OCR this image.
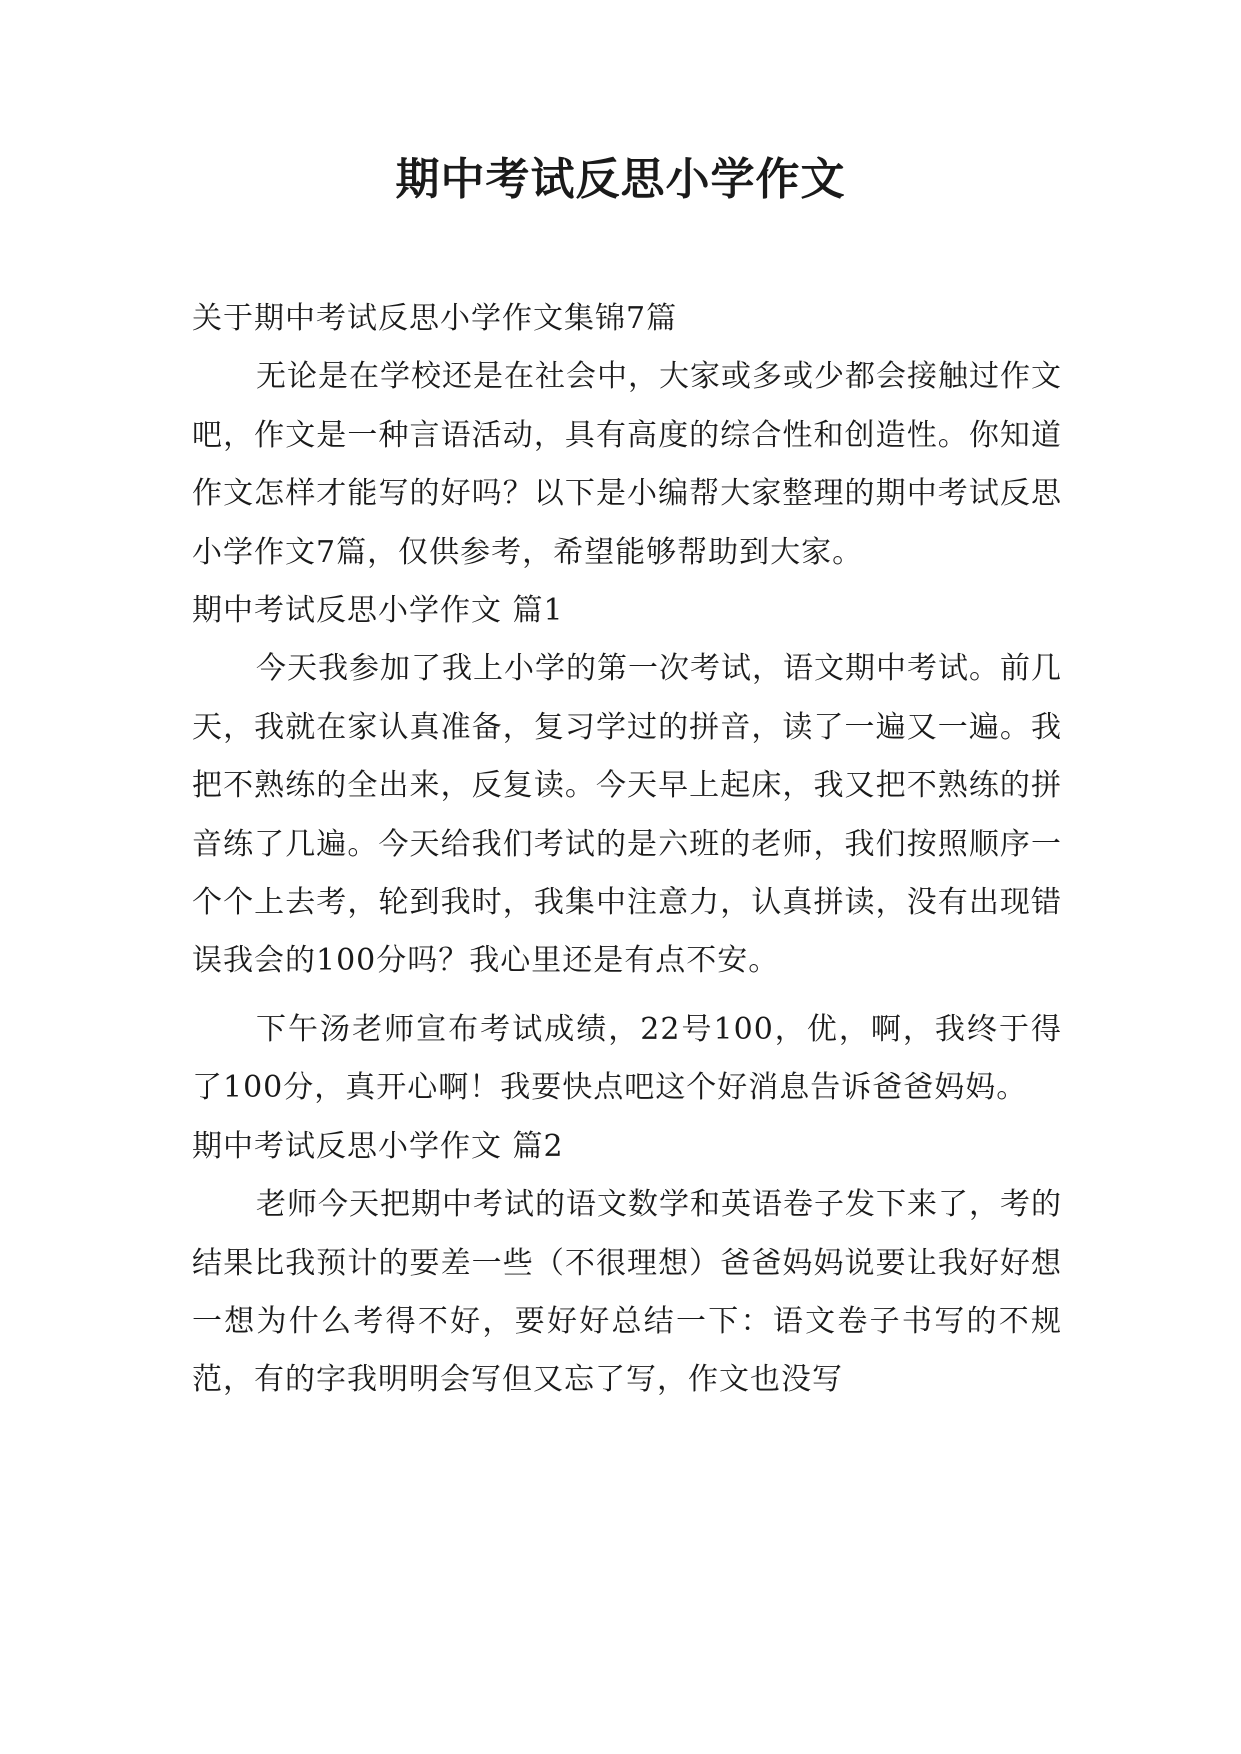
期中考试反思小学作文

关于期中考试反思小学作文集锦7篇

无论是在学校还是在社会中，大家或多或少都会接触过作文吧，作文是一种言语活动，具有高度的综合性和创造性。你知道作文怎样才能写的好吗？以下是小编帮大家整理的期中考试反思小学作文7篇，仅供参考，希望能够帮助到大家。

期中考试反思小学作文 篇1

今天我参加了我上小学的第一次考试，语文期中考试。前几天，我就在家认真准备，复习学过的拼音，读了一遍又一遍。我把不熟练的全出来，反复读。今天早上起床，我又把不熟练的拼音练了几遍。今天给我们考试的是六班的老师，我们按照顺序一个个上去考，轮到我时，我集中注意力，认真拼读，没有出现错误我会的100分吗？我心里还是有点不安。

下午汤老师宣布考试成绩，22号100，优，啊，我终于得了100分，真开心啊！我要快点吧这个好消息告诉爸爸妈妈。

期中考试反思小学作文 篇2

老师今天把期中考试的语文数学和英语卷子发下来了，考的结果比我预计的要差一些（不很理想）爸爸妈妈说要让我好好想一想为什么考得不好，要好好总结一下：语文卷子书写的不规范，有的字我明明会写但又忘了写，作文也没写
